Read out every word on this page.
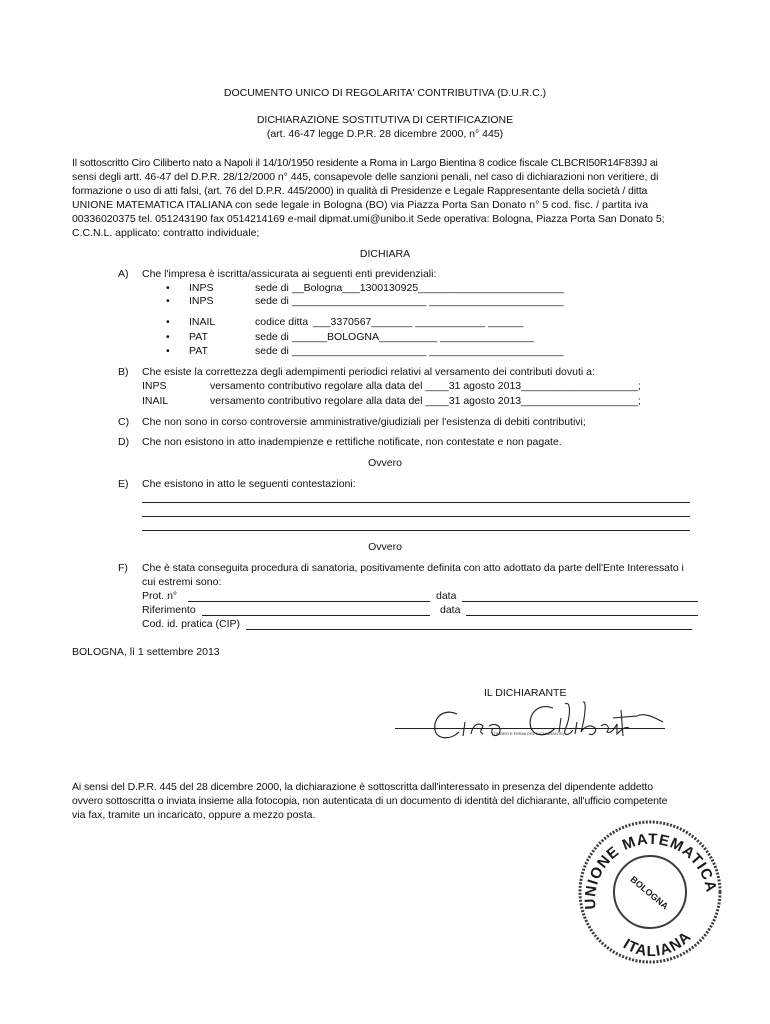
DOCUMENTO UNICO DI REGOLARITA' CONTRIBUTIVA (D.U.R.C.)
DICHIARAZIONE SOSTITUTIVA DI CERTIFICAZIONE
(art. 46-47 legge D.P.R. 28 dicembre 2000, n° 445)
Il sottoscritto Ciro Ciliberto nato a Napoli il 14/10/1950 residente a Roma in Largo Bientina 8 codice fiscale CLBCRI50R14F839J ai
sensi degli artt. 46-47 del D.P.R. 28/12/2000 n° 445, consapevole delle sanzioni penali, nel caso di dichiarazioni non veritiere, di
formazione o uso di atti falsi, (art. 76 del D.P.R. 445/2000) in qualità di Presidenze e Legale Rappresentante della società / ditta
UNIONE MATEMATICA ITALIANA con sede legale in Bologna (BO) via Piazza Porta San Donato n° 5 cod. fisc. / partita iva
00336020375 tel. 051243190 fax 0514214169 e-mail dipmat.umi@unibo.it Sede operativa: Bologna, Piazza Porta San Donato 5;
C.C.N.L. applicato: contratto individuale;
DICHIARA
A) Che l'impresa è iscritta/assicurata ai seguenti enti previdenziali:
• INPS	sede di __Bologna___1300130925_________________________
• INPS	sede di _______________________ _______________________
• INAIL	codice ditta ___3370567_______ ____________ ______
• PAT	sede di ______BOLOGNA__________ ________________
• PAT	sede di _______________________ _______________________
B) Che esiste la correttezza degli adempimenti periodici relativi al versamento dei contributi dovuti a:
INPS	versamento contributivo regolare alla data del ____31 agosto 2013____________________;
INAIL	versamento contributivo regolare alla data del ____31 agosto 2013____________________;
C) Che non sono in corso controversie amministrative/giudiziali per l'esistenza di debiti contributivi;
D) Che non esistono in atto inadempienze e rettifiche notificate, non contestate e non pagate.
Ovvero
E) Che esistono in atto le seguenti contestazioni:
Ovvero
F) Che è stata conseguita procedura di sanatoria, positivamente definita con atto adottato da parte dell'Ente Interessato i
cui estremi sono:
Prot. n°	data
Riferimento	data
Cod. id. pratica (CIP)
BOLOGNA, lì 1 settembre 2013
IL DICHIARANTE
(TIMBRO E FIRMA DEL DICHIARANTE)
Ai sensi del D.P.R. 445 del 28 dicembre 2000, la dichiarazione è sottoscritta dall'interessato in presenza del dipendente addetto
ovvero sottoscritta o inviata insieme alla fotocopia, non autenticata di un documento di identità del dichiarante, all'ufficio competente
via fax, tramite un incaricato, oppure a mezzo posta.
UNIONE MATEMATICA
ITALIANA
BOLOGNA
